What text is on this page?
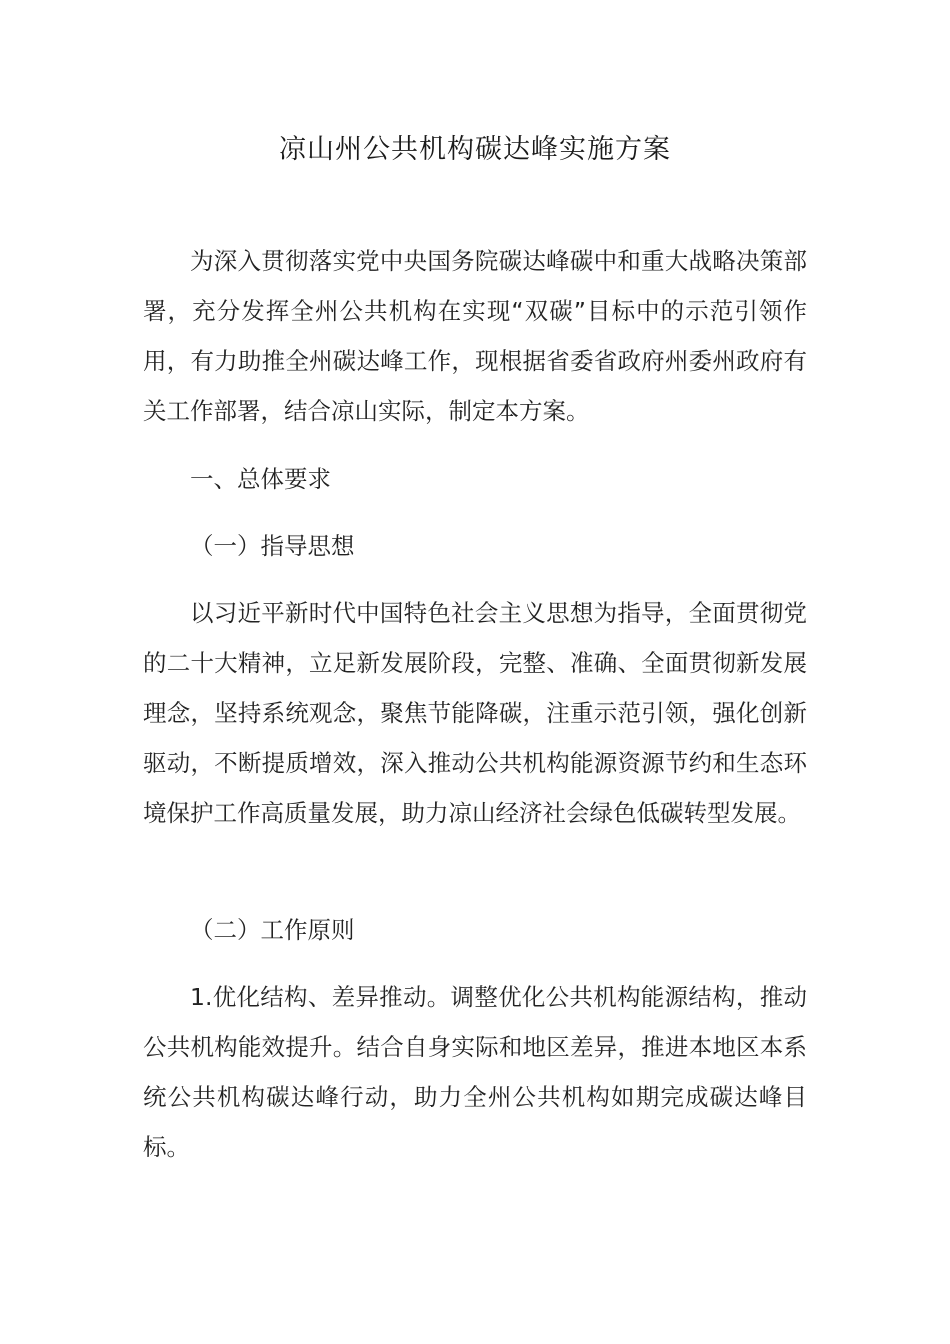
凉山州公共机构碳达峰实施方案

为深入贯彻落实党中央国务院碳达峰碳中和重大战略决策部署，充分发挥全州公共机构在实现“双碳”目标中的示范引领作用，有力助推全州碳达峰工作，现根据省委省政府州委州政府有关工作部署，结合凉山实际，制定本方案。

一、总体要求

（一）指导思想

以习近平新时代中国特色社会主义思想为指导，全面贯彻党的二十大精神，立足新发展阶段，完整、准确、全面贯彻新发展理念，坚持系统观念，聚焦节能降碳，注重示范引领，强化创新驱动，不断提质增效，深入推动公共机构能源资源节约和生态环境保护工作高质量发展，助力凉山经济社会绿色低碳转型发展。

（二）工作原则

1.优化结构、差异推动。调整优化公共机构能源结构，推动公共机构能效提升。结合自身实际和地区差异，推进本地区本系统公共机构碳达峰行动，助力全州公共机构如期完成碳达峰目标。
